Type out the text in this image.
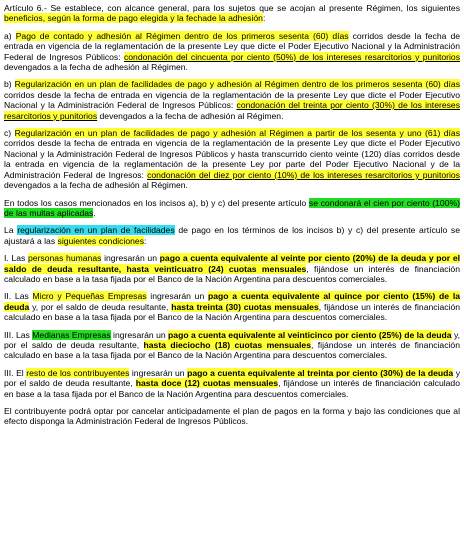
Artículo 6.- Se establece, con alcance general, para los sujetos que se acojan al presente Régimen, los siguientes beneficios, según la forma de pago elegida y la fechade la adhesión:

a) Pago de contado y adhesión al Régimen dentro de los primeros sesenta (60) días corridos desde la fecha de entrada en vigencia de la reglamentación de la presente Ley que dicte el Poder Ejecutivo Nacional y la Administración Federal de Ingresos Públicos: condonación del cincuenta por ciento (50%) de los intereses resarcitorios y punitorios devengados a la fecha de adhesión al Régimen.

b) Regularización en un plan de facilidades de pago y adhesión al Régimen dentro de los primeros sesenta (60) días corridos desde la fecha de entrada en vigencia de la reglamentación de la presente Ley que dicte el Poder Ejecutivo Nacional y la Administración Federal de Ingresos Públicos: condonación del treinta por ciento (30%) de los intereses resarcitorios y punitorios devengados a la fecha de adhesión al Régimen.

c) Regularización en un plan de facilidades de pago y adhesión al Régimen a partir de los sesenta y uno (61) días corridos desde la fecha de entrada en vigencia de la reglamentación de la presente Ley que dicte el Poder Ejecutivo Nacional y la Administración Federal de Ingresos Públicos y hasta transcurrido ciento veinte (120) días corridos desde la entrada en vigencia de la reglamentación de la presente Ley por parte del Poder Ejecutivo Nacional y de la Administración Federal de Ingresos: condonación del diez por ciento (10%) de los intereses resarcitorios y punitorios devengados a la fecha de adhesión al Régimen.

En todos los casos mencionados en los incisos a), b) y c) del presente artículo se condonará el cien por ciento (100%) de las multas aplicadas.

La regularización en un plan de facilidades de pago en los términos de los incisos b) y c) del presente artículo se ajustará a las siguientes condiciones:

I. Las personas humanas ingresarán un pago a cuenta equivalente al veinte por ciento (20%) de la deuda y por el saldo de deuda resultante, hasta veinticuatro (24) cuotas mensuales, fijándose un interés de financiación calculado en base a la tasa fijada por el Banco de la Nación Argentina para descuentos comerciales.

II. Las Micro y Pequeñas Empresas ingresarán un pago a cuenta equivalente al quince por ciento (15%) de la deuda y, por el saldo de deuda resultante, hasta treinta (30) cuotas mensuales, fijándose un interés de financiación calculado en base a la tasa fijada por el Banco de la Nación Argentina para descuentos comerciales.

III. Las Medianas Empresas ingresarán un pago a cuenta equivalente al veinticinco por ciento (25%) de la deuda y, por el saldo de deuda resultante, hasta dieciocho (18) cuotas mensuales, fijándose un interés de financiación calculado en base a la tasa fijada por el Banco de la Nación Argentina para descuentos comerciales.

III. El resto de los contribuyentes ingresarán un pago a cuenta equivalente al treinta por ciento (30%) de la deuda y por el saldo de deuda resultante, hasta doce (12) cuotas mensuales, fijándose un interés de financiación calculado en base a la tasa fijada por el Banco de la Nación Argentina para descuentos comerciales.

El contribuyente podrá optar por cancelar anticipadamente el plan de pagos en la forma y bajo las condiciones que al efecto disponga la Administración Federal de Ingresos Públicos.
